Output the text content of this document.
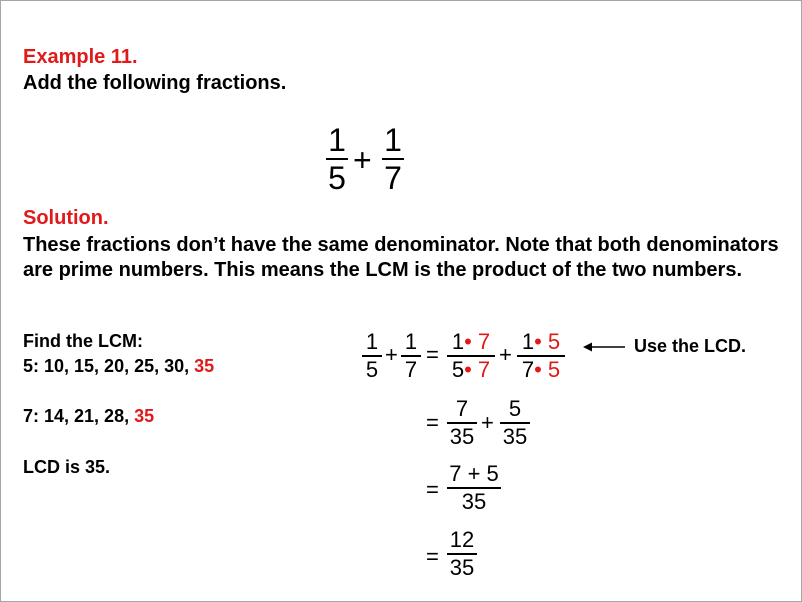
Example 11.
Add the following fractions.
1
5 +
1
7
Solution.
These fractions don’t have the same denominator. Note that both denominators are prime numbers. This means the LCM is the product of the two numbers.
Find the LCM:
5: 10, 15, 20, 25, 30, 35
7: 14, 21, 28, 35
LCD is 35.
1
5
+
1
7
=
1• 7
5• 7
+
1• 5
7• 5
Use the LCD.
=
7
35
+
5
35
=
7 + 5
35
=
12
35
